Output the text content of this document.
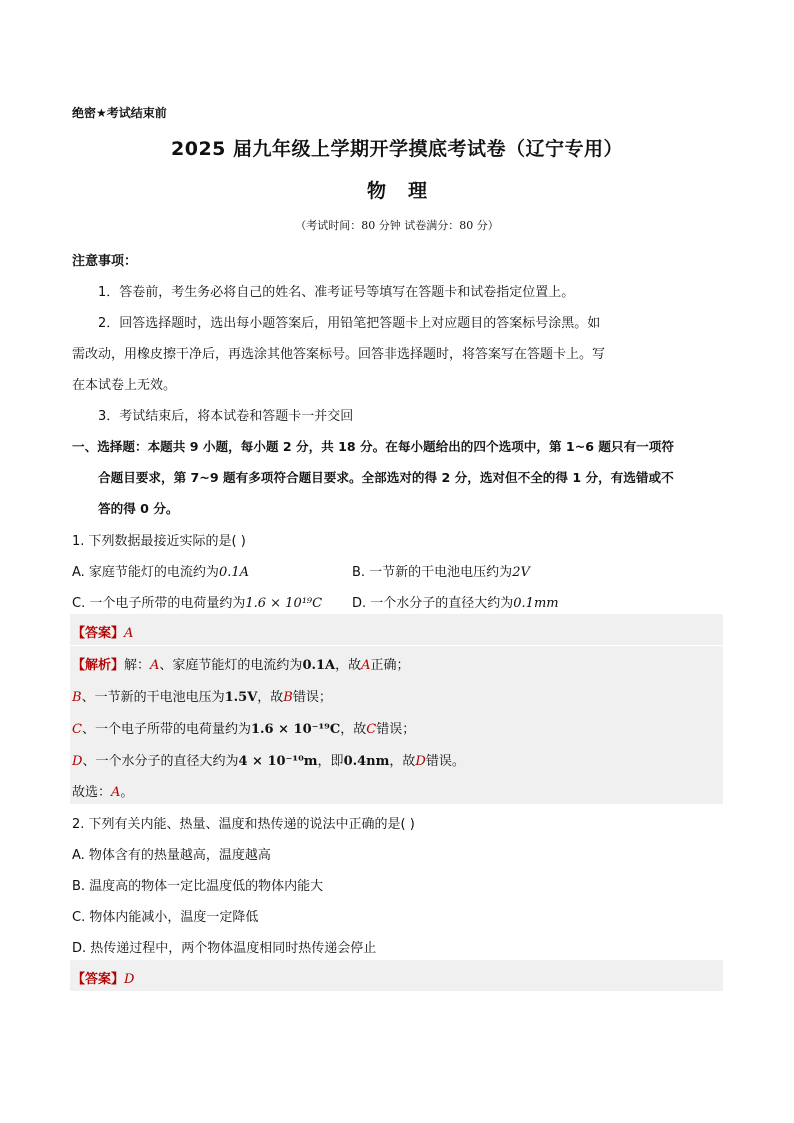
绝密★考试结束前
2025 届九年级上学期开学摸底考试卷（辽宁专用）
物理
（考试时间：80 分钟 试卷满分：80 分）
注意事项：
1．答卷前，考生务必将自己的姓名、准考证号等填写在答题卡和试卷指定位置上。
2．回答选择题时，选出每小题答案后，用铅笔把答题卡上对应题目的答案标号涂黑。如
需改动，用橡皮擦干净后，再选涂其他答案标号。回答非选择题时，将答案写在答题卡上。写
在本试卷上无效。
3．考试结束后，将本试卷和答题卡一并交回
一、选择题：本题共 9 小题，每小题 2 分，共 18 分。在每小题给出的四个选项中，第 1~6 题只有一项符
合题目要求，第 7~9 题有多项符合题目要求。全部选对的得 2 分，选对但不全的得 1 分，有选错或不
答的得 0 分。
1. 下列数据最接近实际的是( )
A. 家庭节能灯的电流约为0.1A	B. 一节新的干电池电压约为2V
C. 一个电子所带的电荷量约为1.6 × 10¹⁹C D. 一个水分子的直径大约为0.1mm
【答案】A
【解析】解：A、家庭节能灯的电流约为0.1A，故A正确；
B、一节新的干电池电压为1.5V，故B错误；
C、一个电子所带的电荷量约为1.6 × 10⁻¹⁹C，故C错误；
D、一个水分子的直径大约为4 × 10⁻¹⁰m，即0.4nm，故D错误。
故选：A。
2. 下列有关内能、热量、温度和热传递的说法中正确的是( )
A. 物体含有的热量越高，温度越高
B. 温度高的物体一定比温度低的物体内能大
C. 物体内能减小，温度一定降低
D. 热传递过程中，两个物体温度相同时热传递会停止
【答案】D
